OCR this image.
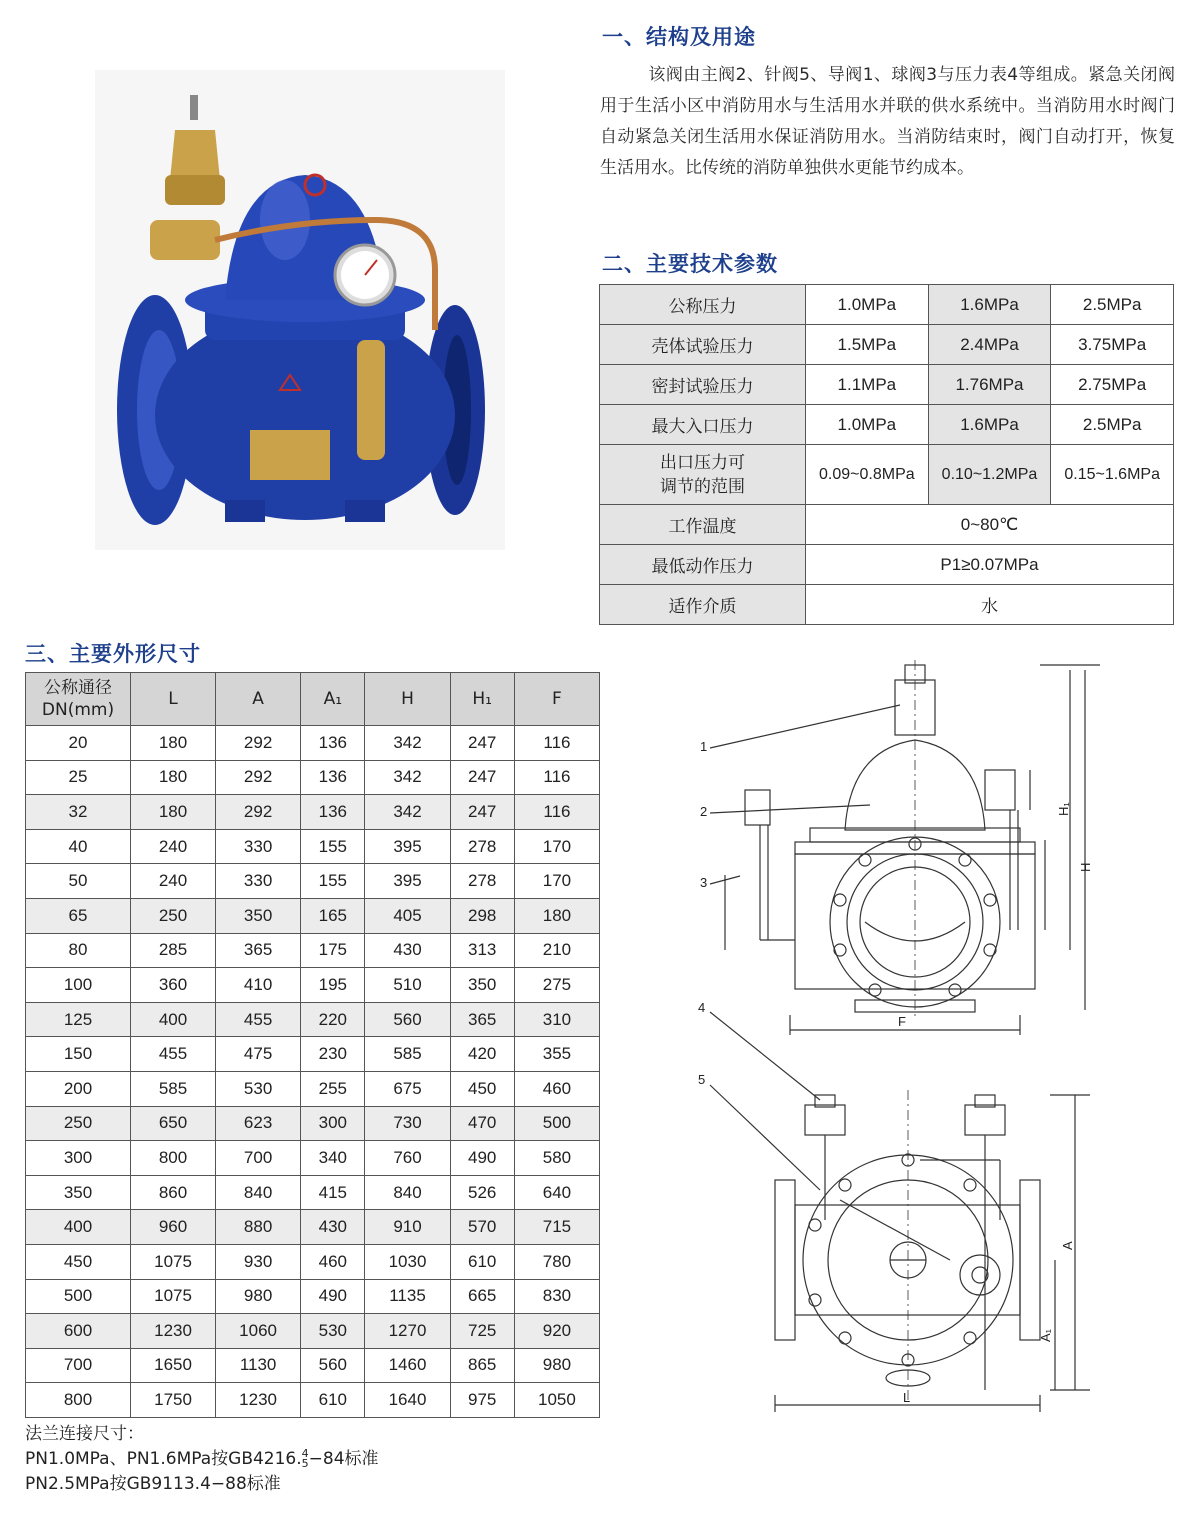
一、结构及用途
该阀由主阀2、针阀5、导阀1、球阀3与压力表4等组成。紧急关闭阀用于生活小区中消防用水与生活用水并联的供水系统中。当消防用水时阀门自动紧急关闭生活用水保证消防用水。当消防结束时，阀门自动打开，恢复生活用水。比传统的消防单独供水更能节约成本。
二、主要技术参数
公称压力	1.0MPa	1.6MPa	2.5MPa
壳体试验压力	1.5MPa	2.4MPa	3.75MPa
密封试验压力	1.1MPa	1.76MPa	2.75MPa
最大入口压力	1.0MPa	1.6MPa	2.5MPa

出口压力可
调节的范围	0.09~0.8MPa	0.10~1.2MPa	0.15~1.6MPa
工作温度	0~80℃		
最低动作压力	P1≥0.07MPa		
适作介质	水		
三、主要外形尺寸
公称通径
DN(mm)	L	A	A₁	H	H₁	F
20	180	292	136	342	247	116
25	180	292	136	342	247	116
32	180	292	136	342	247	116
40	240	330	155	395	278	170
50	240	330	155	395	278	170
65	250	350	165	405	298	180
80	285	365	175	430	313	210
100	360	410	195	510	350	275
125	400	455	220	560	365	310
150	455	475	230	585	420	355
200	585	530	255	675	450	460
250	650	623	300	730	470	500
300	800	700	340	760	490	580
350	860	840	415	840	526	640
400	960	880	430	910	570	715
450	1075	930	460	1030	610	780
500	1075	980	490	1135	665	830
600	1230	1060	530	1270	725	920
700	1650	1130	560	1460	865	980
800	1750	1230	610	1640	975	1050
法兰连接尺寸：
PN1.0MPa、PN1.6MPa按GB4216. 4
5 −84标准
PN2.5MPa按GB9113.4−88标准
1
2
3
4
5
H
H₁
F
A
A₁
L
